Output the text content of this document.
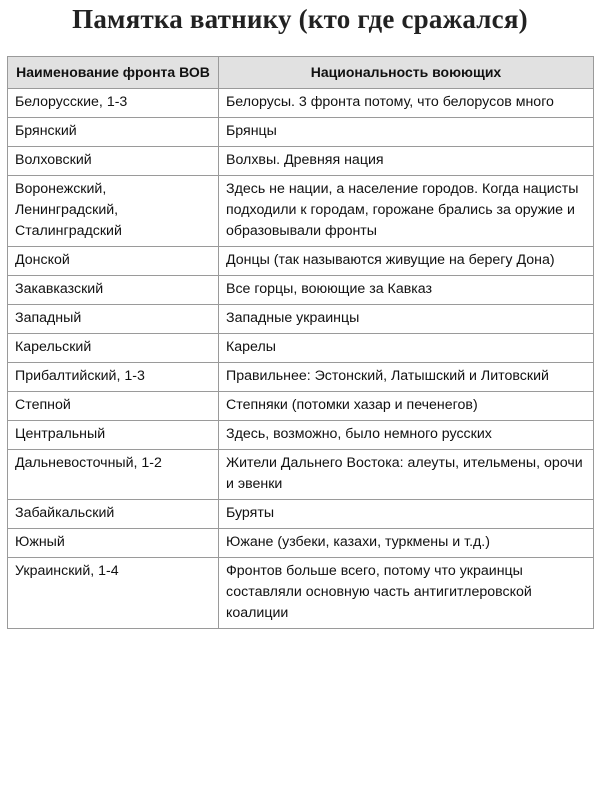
Памятка ватнику (кто где сражался)
Наименование фронта ВОВ	Национальность воюющих
Белорусские, 1-3	Белорусы. 3 фронта потому, что белорусов много
Брянский	Брянцы
Волховский	Волхвы. Древняя нация
Воронежский, Ленинградский, Сталинградский	Здесь не нации, а население городов. Когда нацисты подходили к городам, горожане брались за оружие и образовывали фронты
Донской	Донцы (так называются живущие на берегу Дона)
Закавказский	Все горцы, воюющие за Кавказ
Западный	Западные украинцы
Карельский	Карелы
Прибалтийский, 1-3	Правильнее: Эстонский, Латышский и Литовский
Степной	Степняки (потомки хазар и печенегов)
Центральный	Здесь, возможно, было немного русских
Дальневосточный, 1-2	Жители Дальнего Востока: алеуты, ительмены, орочи и эвенки
Забайкальский	Буряты
Южный	Южане (узбеки, казахи, туркмены и т.д.)
Украинский, 1-4	Фронтов больше всего, потому что украинцы составляли основную часть антигитлеровской коалиции
